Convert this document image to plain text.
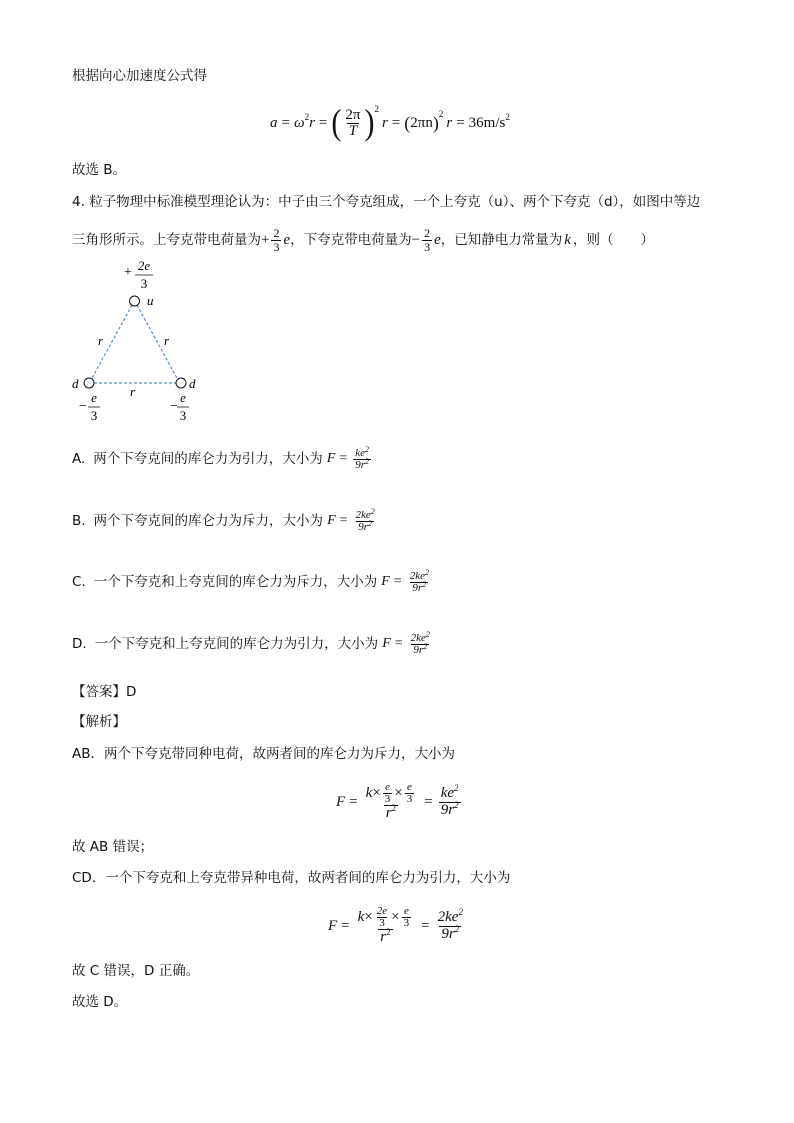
根据向心加速度公式得
a = ω 2 r = ( $\frac{2\pi}{T}$ ) 2
r = ( 2πn ) 2
r = 36m/s 2
故选 B。
4. 粒子物理中标准模型理论认为：中子由三个夸克组成，一个上夸克（u）、两个下夸克（d），如图中等边
三角形所示。上夸克带电荷量为 + $\frac{2}{3}$ e ，下夸克带电荷量为 − $\frac{2}{3}$ e ，已知静电力常量为 k ，则（　　）
+ 2e
3
u
r	r
r
d	d
−
e
3
−
e
3
A. 两个下夸克间的库仑力为引力，大小为 $F = \frac{ke^2}{9r^2}$
B. 两个下夸克间的库仑力为斥力，大小为 $F = \frac{2ke^2}{9r^2}$
C. 一个下夸克和上夸克间的库仑力为斥力，大小为 $F = \frac{2ke^2}{9r^2}$
D. 一个下夸克和上夸克间的库仑力为引力，大小为 $F = \frac{2ke^2}{9r^2}$
【答案】D
【解析】
AB．两个下夸克带同种电荷，故两者间的库仑力为斥力，大小为
F =
$k \times \frac{e}{3} \times \frac{e}{3}$
$r^2 = \frac{ke^2}{9r^2}$
故 AB 错误；
CD．一个下夸克和上夸克带异种电荷，故两者间的库仑力为引力，大小为
F =
$k \times \frac{2e}{3} \times \frac{e}{3}$
$r^2 = \frac{2ke^2}{9r^2}$
故 C 错误，D 正确。
故选 D。
